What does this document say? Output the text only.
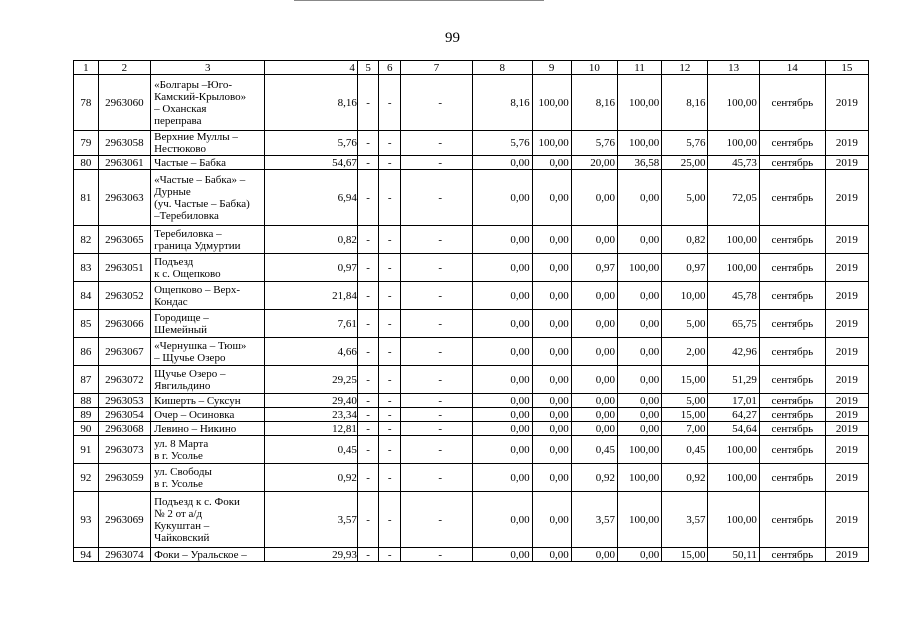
99
1	2	3	4	5	6	7	8	9	10	11	12	13	14	15
78	2963060	«Болгары –Юго-
Камский-Крылово»
– Оханская
переправа	8,16	-	-	-	8,16	100,00	8,16	100,00	8,16	100,00	сентябрь	2019
79	2963058	Верхние Муллы –
Нестюково	5,76	-	-	-	5,76	100,00	5,76	100,00	5,76	100,00	сентябрь	2019
80	2963061	Частые – Бабка	54,67	-	-	-	0,00	0,00	20,00	36,58	25,00	45,73	сентябрь	2019
81	2963063	«Частые – Бабка» –
Дурные
(уч. Частые – Бабка)
–Теребиловка	6,94	-	-	-	0,00	0,00	0,00	0,00	5,00	72,05	сентябрь	2019
82	2963065	Теребиловка –
граница Удмуртии	0,82	-	-	-	0,00	0,00	0,00	0,00	0,82	100,00	сентябрь	2019
83	2963051	Подъезд
к с. Ощепково	0,97	-	-	-	0,00	0,00	0,97	100,00	0,97	100,00	сентябрь	2019
84	2963052	Ощепково – Верх-
Кондас	21,84	-	-	-	0,00	0,00	0,00	0,00	10,00	45,78	сентябрь	2019
85	2963066	Городище –
Шемейный	7,61	-	-	-	0,00	0,00	0,00	0,00	5,00	65,75	сентябрь	2019
86	2963067	«Чернушка – Тюш»
– Щучье Озеро	4,66	-	-	-	0,00	0,00	0,00	0,00	2,00	42,96	сентябрь	2019
87	2963072	Щучье Озеро –
Явгильдино	29,25	-	-	-	0,00	0,00	0,00	0,00	15,00	51,29	сентябрь	2019
88	2963053	Кишерть – Суксун	29,40	-	-	-	0,00	0,00	0,00	0,00	5,00	17,01	сентябрь	2019
89	2963054	Очер – Осиновка	23,34	-	-	-	0,00	0,00	0,00	0,00	15,00	64,27	сентябрь	2019
90	2963068	Левино – Никино	12,81	-	-	-	0,00	0,00	0,00	0,00	7,00	54,64	сентябрь	2019
91	2963073	ул. 8 Марта
в г. Усолье	0,45	-	-	-	0,00	0,00	0,45	100,00	0,45	100,00	сентябрь	2019
92	2963059	ул. Свободы
в г. Усолье	0,92	-	-	-	0,00	0,00	0,92	100,00	0,92	100,00	сентябрь	2019
93	2963069	Подъезд к с. Фоки
№ 2 от а/д
Кукуштан –
Чайковский	3,57	-	-	-	0,00	0,00	3,57	100,00	3,57	100,00	сентябрь	2019
94	2963074	Фоки – Уральское –	29,93	-	-	-	0,00	0,00	0,00	0,00	15,00	50,11	сентябрь	2019
